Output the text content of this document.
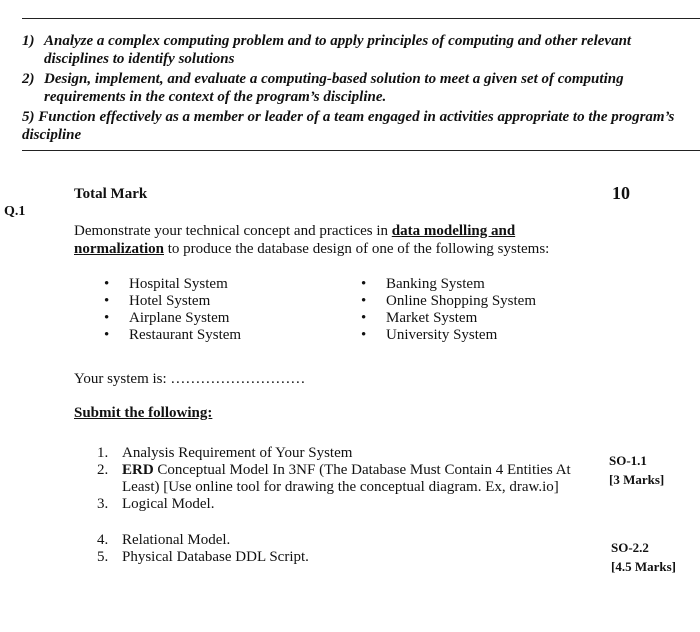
1) Analyze a complex computing problem and to apply principles of computing and other relevant disciplines to identify solutions
2) Design, implement, and evaluate a computing-based solution to meet a given set of computing requirements in the context of the program’s discipline.
5) Function effectively as a member or leader of a team engaged in activities appropriate to the program’s discipline
Total Mark	10
Q.1
Demonstrate your technical concept and practices in data modelling and normalization to produce the database design of one of the following systems:
• Hospital System
• Hotel System
• Airplane System
• Restaurant System
• Banking System
• Online Shopping System
• Market System
• University System
Your system is: ………………………
Submit the following:
1. Analysis Requirement of Your System
2. ERD Conceptual Model In 3NF (The Database Must Contain 4 Entities At Least) [Use online tool for drawing the conceptual diagram. Ex, draw.io]
3. Logical Model.
SO-1.1
[3 Marks]
4. Relational Model.
5. Physical Database DDL Script.
SO-2.2
[4.5 Marks]
